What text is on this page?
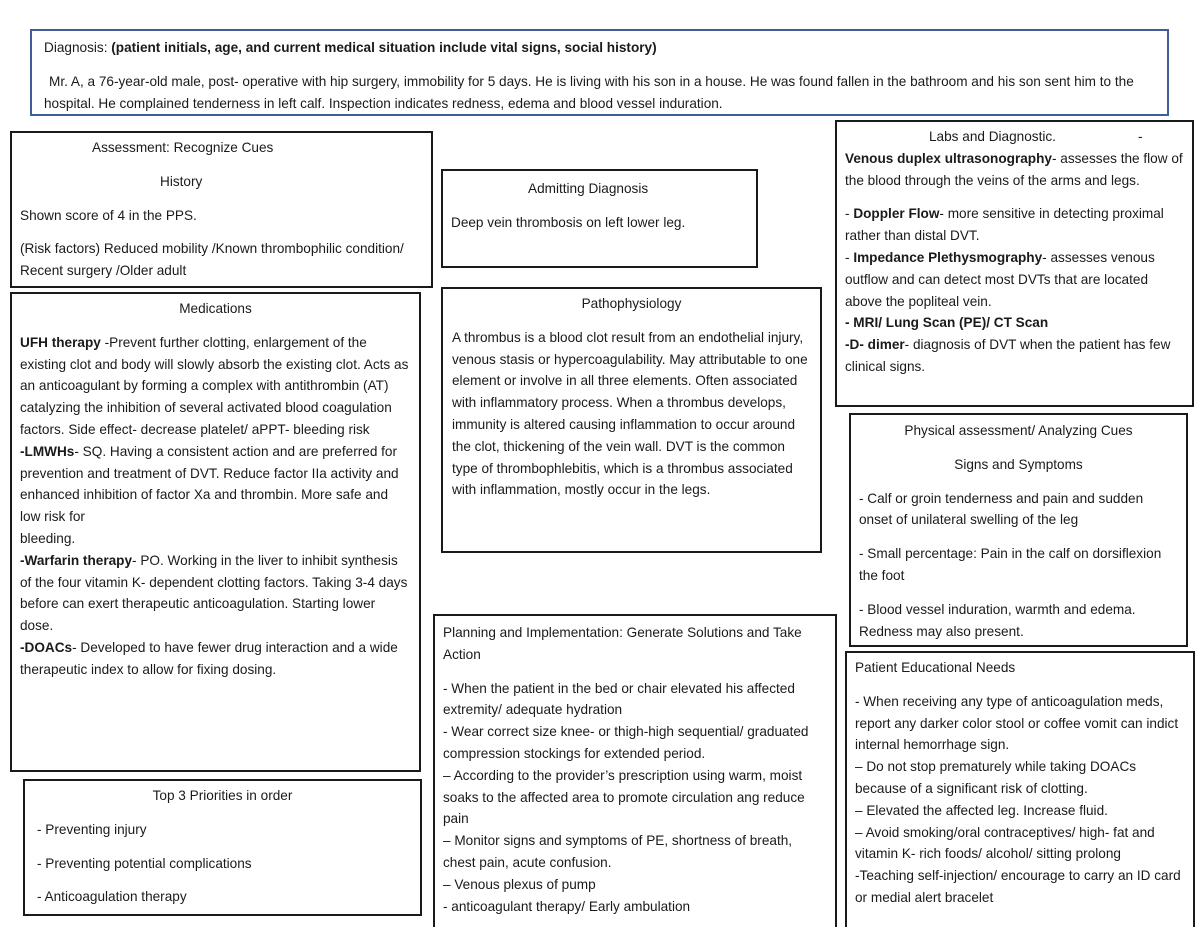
Diagnosis: (patient initials, age, and current medical situation include vital signs, social history)

Mr. A, a 76-year-old male, post- operative with hip surgery, immobility for 5 days. He is living with his son in a house. He was found fallen in the bathroom and his son sent him to the hospital. He complained tenderness in left calf. Inspection indicates redness, edema and blood vessel induration.

Assessment: Recognize Cues

History

Shown score of 4 in the PPS.

(Risk factors) Reduced mobility /Known thrombophilic condition/ Recent surgery /Older adult

Admitting Diagnosis

Deep vein thrombosis on left lower leg.

Labs and Diagnostic.	-

Venous duplex ultrasonography- assesses the flow of the blood through the veins of the arms and legs.

- Doppler Flow- more sensitive in detecting proximal rather than distal DVT.

- Impedance Plethysmography- assesses venous outflow and can detect most DVTs that are located above the popliteal vein.

- MRI/ Lung Scan (PE)/ CT Scan

-D- dimer- diagnosis of DVT when the patient has few clinical signs.

Medications

UFH therapy -Prevent further clotting, enlargement of the existing clot and body will slowly absorb the existing clot. Acts as an anticoagulant by forming a complex with antithrombin (AT) catalyzing the inhibition of several activated blood coagulation factors. Side effect- decrease platelet/ aPPT- bleeding risk

-LMWHs- SQ. Having a consistent action and are preferred for prevention and treatment of DVT. Reduce factor IIa activity and enhanced inhibition of factor Xa and thrombin. More safe and low risk for

bleeding.

-Warfarin therapy- PO. Working in the liver to inhibit synthesis of the four vitamin K- dependent clotting factors. Taking 3-4 days before can exert therapeutic anticoagulation. Starting lower dose.

-DOACs- Developed to have fewer drug interaction and a wide therapeutic index to allow for fixing dosing.

Pathophysiology

A thrombus is a blood clot result from an endothelial injury, venous stasis or hypercoagulability. May attributable to one element or involve in all three elements. Often associated with inflammatory process. When a thrombus develops, immunity is altered causing inflammation to occur around the clot, thickening of the vein wall. DVT is the common type of thrombophlebitis, which is a thrombus associated with inflammation, mostly occur in the legs.

Physical assessment/ Analyzing Cues

Signs and Symptoms

- Calf or groin tenderness and pain and sudden onset of unilateral swelling of the leg

- Small percentage: Pain in the calf on dorsiflexion the foot

- Blood vessel induration, warmth and edema. Redness may also present.

Planning and Implementation: Generate Solutions and Take Action

- When the patient in the bed or chair elevated his affected extremity/ adequate hydration

- Wear correct size knee- or thigh-high sequential/ graduated compression stockings for extended period.

– According to the provider’s prescription using warm, moist soaks to the affected area to promote circulation ang reduce pain

– Monitor signs and symptoms of PE, shortness of breath, chest pain, acute confusion.

– Venous plexus of pump

- anticoagulant therapy/ Early ambulation

Patient Educational Needs

- When receiving any type of anticoagulation meds, report any darker color stool or coffee vomit can indict internal hemorrhage sign.

– Do not stop prematurely while taking DOACs because of a significant risk of clotting.

– Elevated the affected leg. Increase fluid.

– Avoid smoking/oral contraceptives/ high- fat and vitamin K- rich foods/ alcohol/ sitting prolong

-Teaching self-injection/ encourage to carry an ID card or medial alert bracelet

Top 3 Priorities in order

- Preventing injury

- Preventing potential complications

- Anticoagulation therapy
